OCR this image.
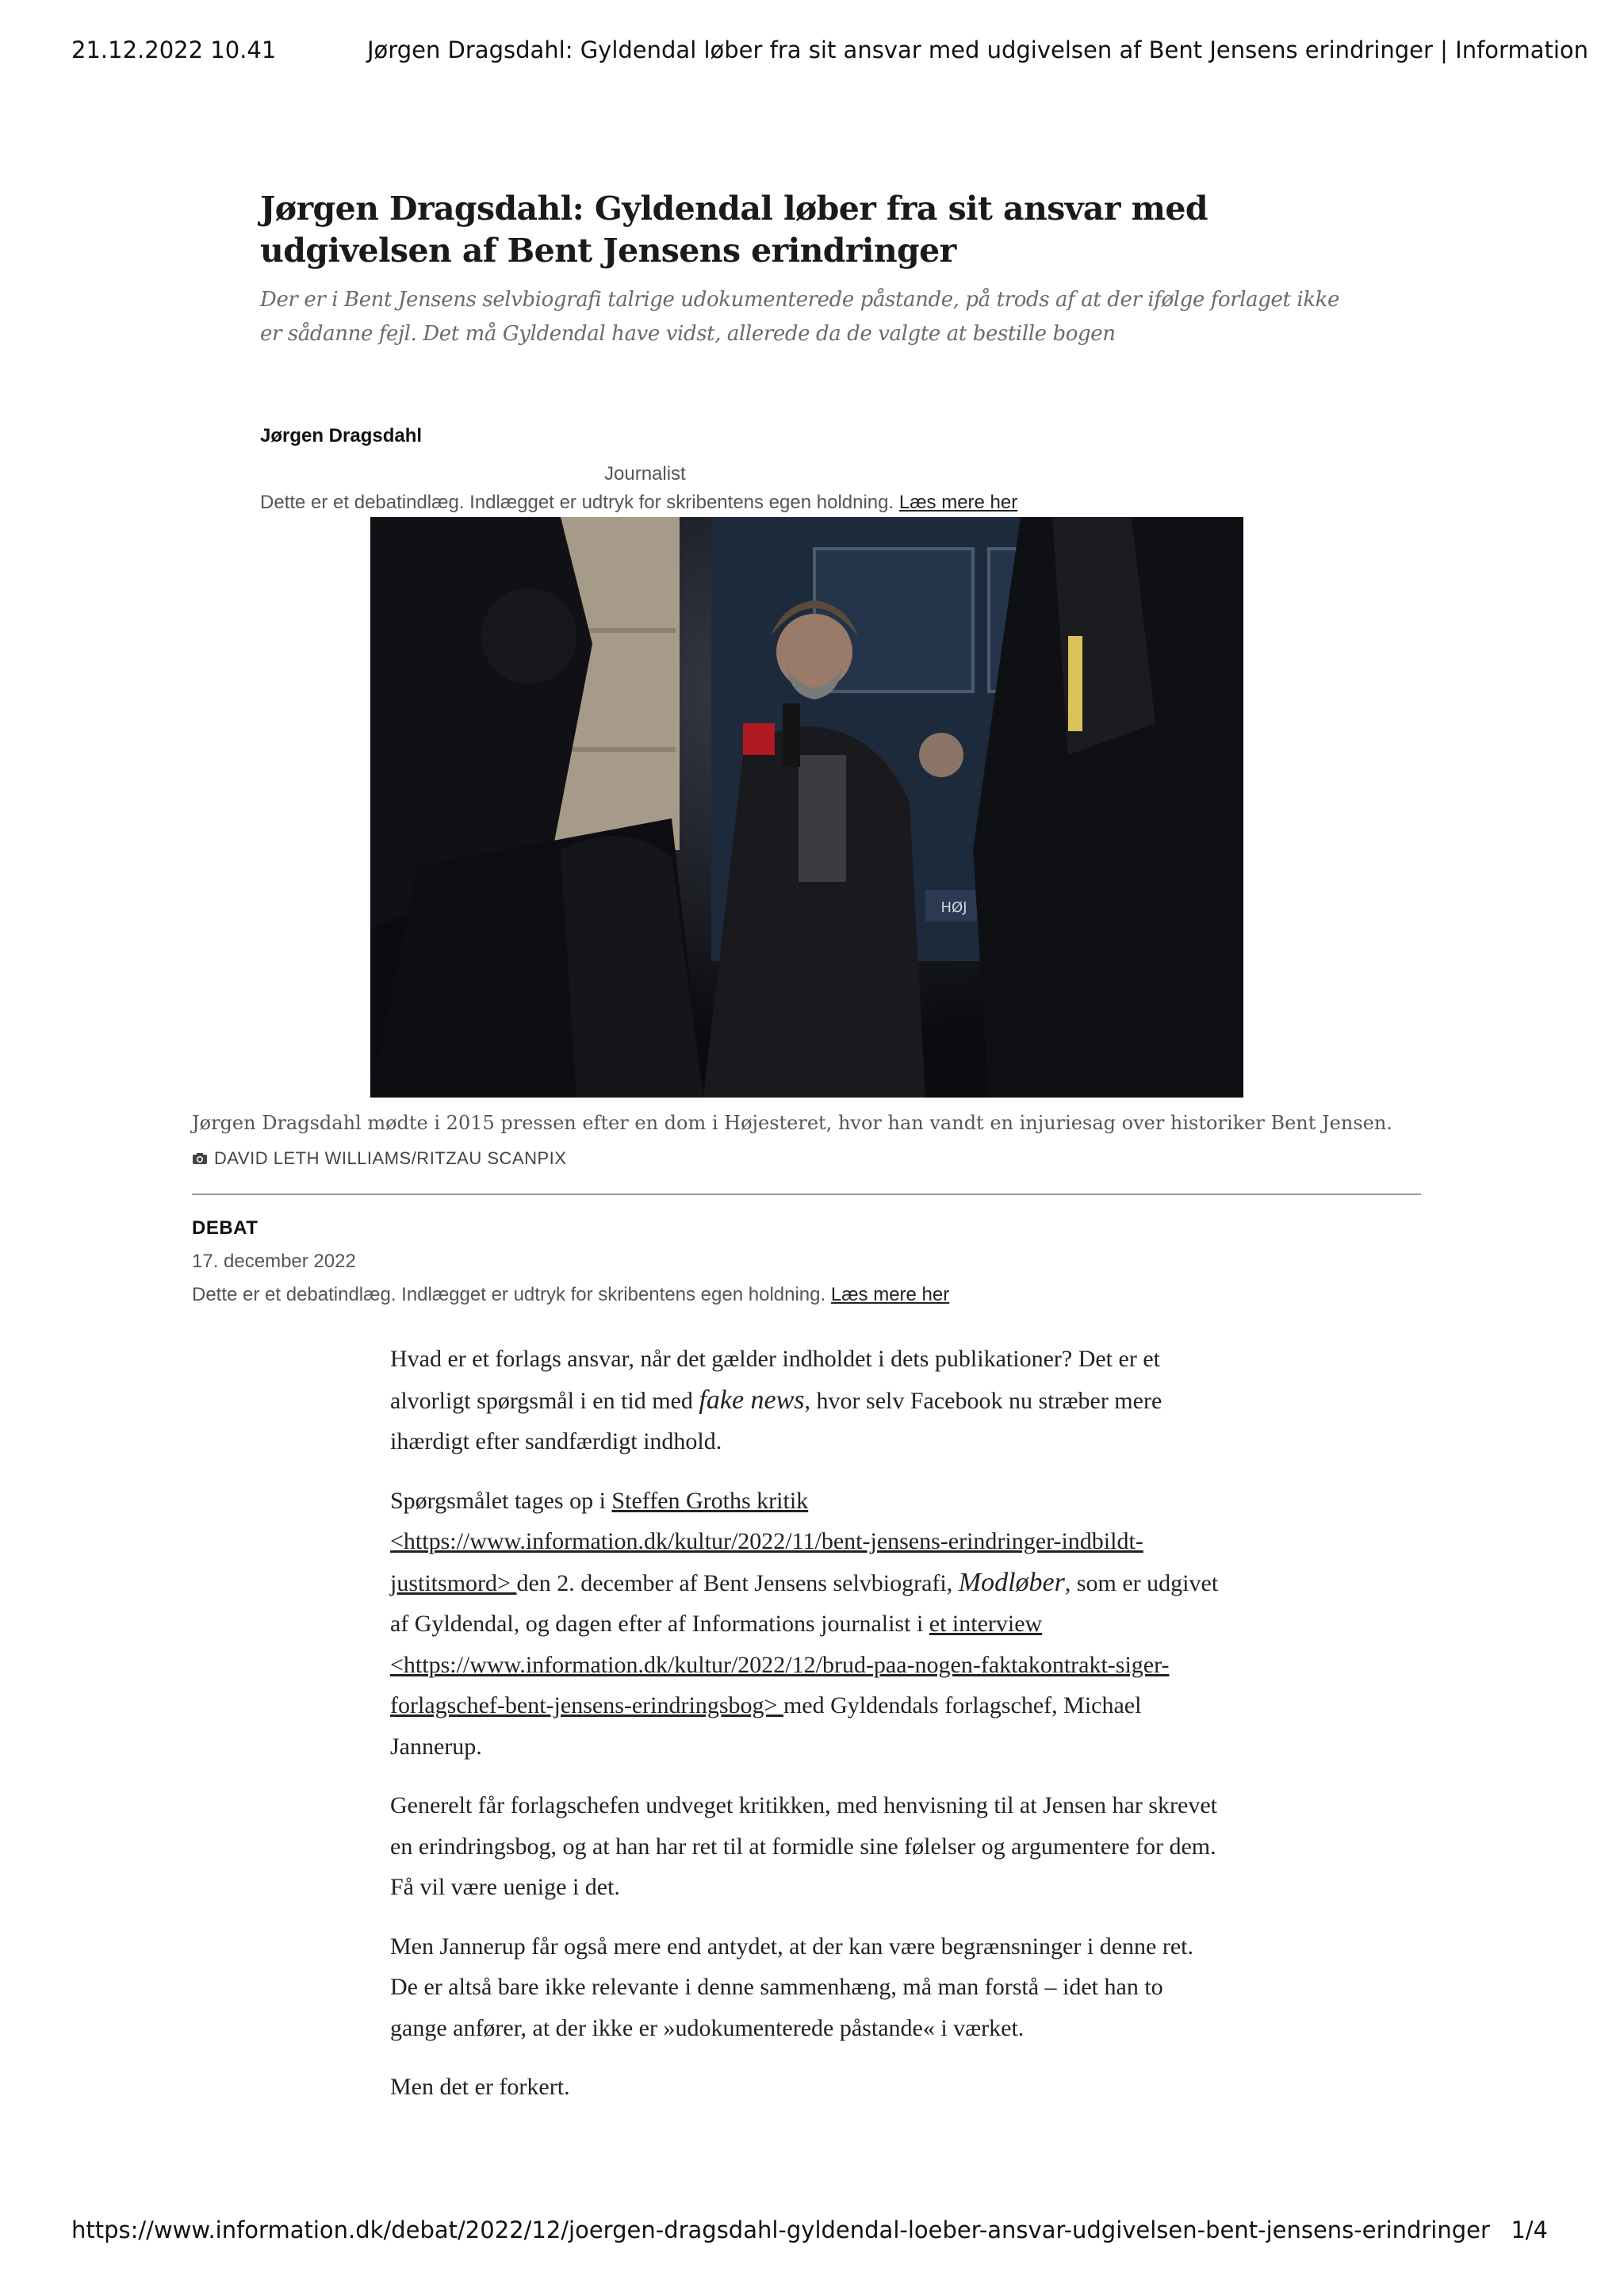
21.12.2022 10.41	Jørgen Dragsdahl: Gyldendal løber fra sit ansvar med udgivelsen af Bent Jensens erindringer | Information
Jørgen Dragsdahl: Gyldendal løber fra sit ansvar med udgivelsen af Bent Jensens erindringer

Der er i Bent Jensens selvbiografi talrige udokumenterede påstande, på trods af at der ifølge forlaget ikke er sådanne fejl. Det må Gyldendal have vidst, allerede da de valgte at bestille bogen

Jørgen Dragsdahl
Journalist
Dette er et debatindlæg. Indlægget er udtryk for skribentens egen holdning. Læs mere her
HØJ
Jørgen Dragsdahl mødte i 2015 pressen efter en dom i Højesteret, hvor han vandt en injuriesag over historiker Bent Jensen.
DAVID LETH WILLIAMS/RITZAU SCANPIX
DEBAT
17. december 2022
Dette er et debatindlæg. Indlægget er udtryk for skribentens egen holdning. Læs mere her

Hvad er et forlags ansvar, når det gælder indholdet i dets publikationer? Det er et alvorligt spørgsmål i en tid med fake news, hvor selv Facebook nu stræber mere ihærdigt efter sandfærdigt indhold.

Spørgsmålet tages op i Steffen Groths kritik <https://www.information.dk/kultur/2022/11/bent-jensens-erindringer-indbildt-justitsmord> den 2. december af Bent Jensens selvbiografi, Modløber, som er udgivet af Gyldendal, og dagen efter af Informations journalist i et interview <https://www.information.dk/kultur/2022/12/brud-paa-nogen-faktakontrakt-siger-forlagschef-bent-jensens-erindringsbog> med Gyldendals forlagschef, Michael Jannerup.

Generelt får forlagschefen undveget kritikken, med henvisning til at Jensen har skrevet en erindringsbog, og at han har ret til at formidle sine følelser og argumentere for dem. Få vil være uenige i det.

Men Jannerup får også mere end antydet, at der kan være begrænsninger i denne ret. De er altså bare ikke relevante i denne sammenhæng, må man forstå – idet han to gange anfører, at der ikke er »udokumenterede påstande« i værket.

Men det er forkert.

https://www.information.dk/debat/2022/12/joergen-dragsdahl-gyldendal-loeber-ansvar-udgivelsen-bent-jensens-erindringer 1/4
